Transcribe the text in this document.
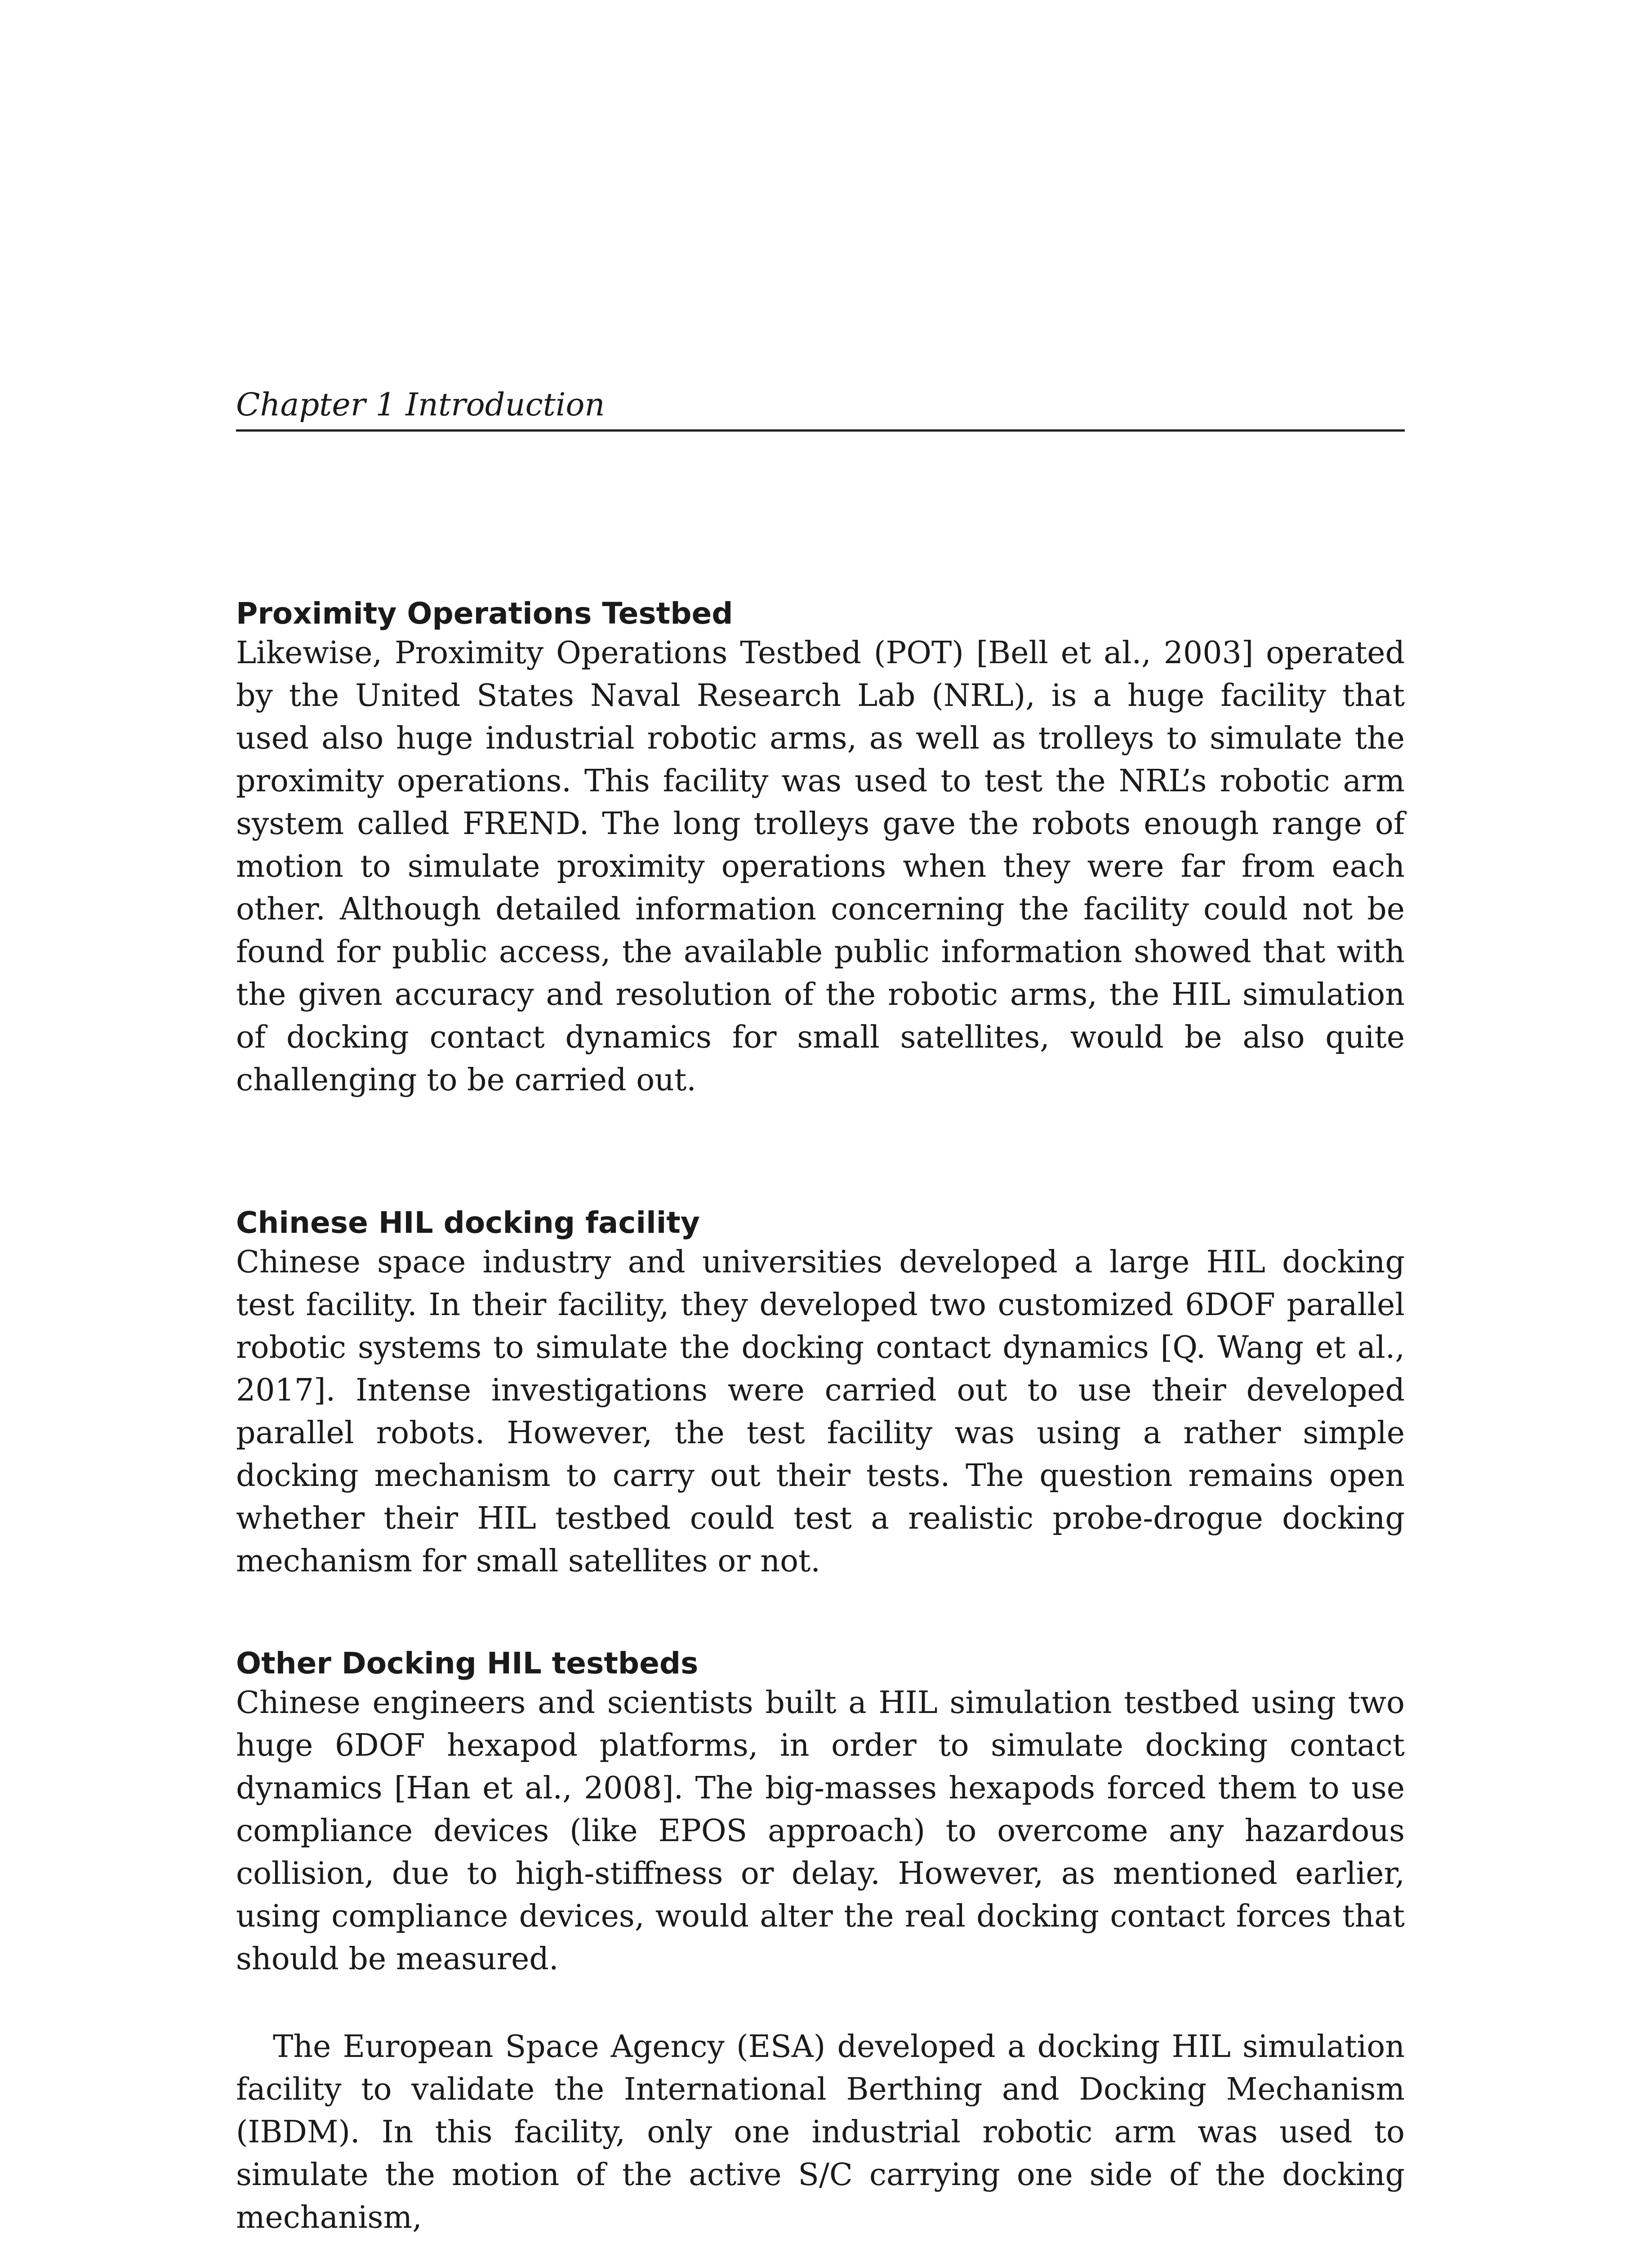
Chapter 1 Introduction
Proximity Operations Testbed
Likewise, Proximity Operations Testbed (POT) [Bell et al., 2003] operated by the United States Naval Research Lab (NRL), is a huge facility that used also huge industrial robotic arms, as well as trolleys to simulate the proximity operations. This facility was used to test the NRL’s robotic arm system called FREND. The long trolleys gave the robots enough range of motion to simulate proximity operations when they were far from each other. Although detailed information concerning the facility could not be found for public access, the available public information showed that with the given accuracy and resolution of the robotic arms, the HIL simulation of docking contact dynamics for small satellites, would be also quite challenging to be carried out.
Chinese HIL docking facility
Chinese space industry and universities developed a large HIL docking test facility. In their facility, they developed two customized 6DOF parallel robotic systems to simulate the docking contact dynamics [Q. Wang et al., 2017]. Intense investigations were carried out to use their developed parallel robots. However, the test facility was using a rather simple docking mechanism to carry out their tests. The question remains open whether their HIL testbed could test a realistic probe-drogue docking mechanism for small satellites or not.
Other Docking HIL testbeds
Chinese engineers and scientists built a HIL simulation testbed using two huge 6DOF hexapod platforms, in order to simulate docking contact dynamics [Han et al., 2008]. The big-masses hexapods forced them to use compliance devices (like EPOS approach) to overcome any hazardous collision, due to high-stiffness or delay. However, as mentioned earlier, using compliance devices, would alter the real docking contact forces that should be measured.
The European Space Agency (ESA) developed a docking HIL simulation facility to validate the International Berthing and Docking Mechanism (IBDM). In this facility, only one industrial robotic arm was used to simulate the motion of the active S/C carrying one side of the docking mechanism,
